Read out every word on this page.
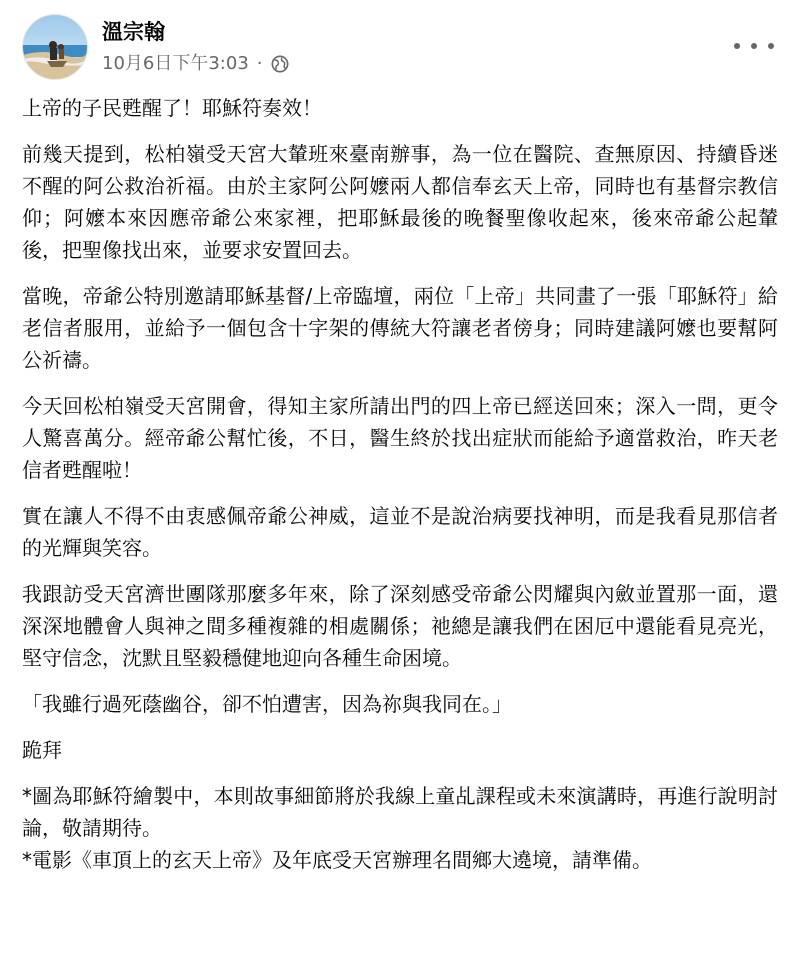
溫宗翰
10月6日下午3:03 ·

上帝的子民甦醒了！耶穌符奏效！

前幾天提到，松柏嶺受天宮大輦班來臺南辦事，為一位在醫院、查無原因、持續昏迷不醒的阿公救治祈福。由於主家阿公阿嬤兩人都信奉玄天上帝，同時也有基督宗教信仰；阿嬤本來因應帝爺公來家裡，把耶穌最後的晚餐聖像收起來，後來帝爺公起輦後，把聖像找出來，並要求安置回去。

當晚，帝爺公特別邀請耶穌基督/上帝臨壇，兩位「上帝」共同畫了一張「耶穌符」給老信者服用，並給予一個包含十字架的傳統大符讓老者傍身；同時建議阿嬤也要幫阿公祈禱。

今天回松柏嶺受天宮開會，得知主家所請出門的四上帝已經送回來；深入一問，更令人驚喜萬分。經帝爺公幫忙後，不日，醫生終於找出症狀而能給予適當救治，昨天老信者甦醒啦！

實在讓人不得不由衷感佩帝爺公神威，這並不是說治病要找神明，而是我看見那信者的光輝與笑容。

我跟訪受天宮濟世團隊那麼多年來，除了深刻感受帝爺公閃耀與內斂並置那一面，還深深地體會人與神之間多種複雜的相處關係；祂總是讓我們在困厄中還能看見亮光，堅守信念，沈默且堅毅穩健地迎向各種生命困境。

「我雖行過死蔭幽谷，卻不怕遭害，因為祢與我同在。」

跪拜

*圖為耶穌符繪製中，本則故事細節將於我線上童乩課程或未來演講時，再進行說明討論，敬請期待。

*電影《車頂上的玄天上帝》及年底受天宮辦理名間鄉大遶境，請準備。
